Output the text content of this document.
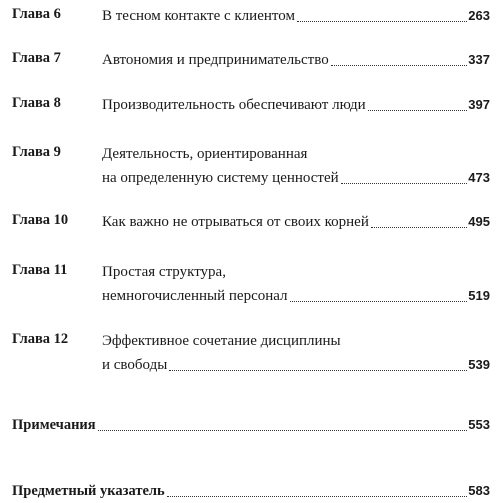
Глава 6	В тесном контакте с клиентом	263
Глава 7	Автономия и предпринимательство	337
Глава 8	Производительность обеспечивают люди	397
Глава 9	Деятельность, ориентированная
на определенную систему ценностей	473
Глава 10 Как важно не отрываться от своих корней	495
Глава 11 Простая структура,
немногочисленный персонал	519
Глава 12 Эффективное сочетание дисциплины
и свободы	539
Примечания	553
Предметный указатель	583
